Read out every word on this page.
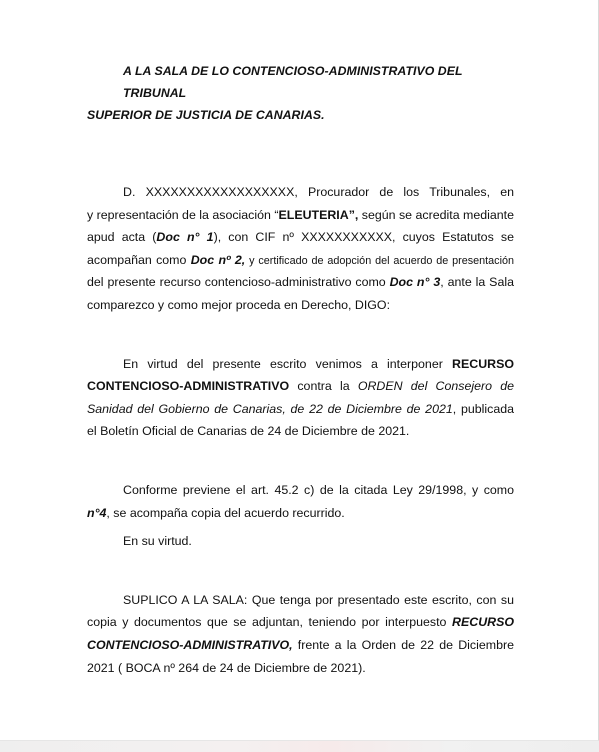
A LA SALA DE LO CONTENCIOSO-ADMINISTRATIVO DEL TRIBUNAL
SUPERIOR DE JUSTICIA DE CANARIAS.
D. XXXXXXXXXXXXXXXXXX, Procurador de los Tribunales, en
y representación de la asociación “ELEUTERIA”, según se acredita mediante
apud acta (Doc n° 1), con CIF nº XXXXXXXXXXX, cuyos Estatutos se
acompañan como Doc nº 2, y certificado de adopción del acuerdo de presentación
del presente recurso contencioso-administrativo como Doc n° 3, ante la Sala
comparezco y como mejor proceda en Derecho, DIGO:
En virtud del presente escrito venimos a interponer RECURSO
CONTENCIOSO-ADMINISTRATIVO contra la ORDEN del Consejero de
Sanidad del Gobierno de Canarias, de 22 de Diciembre de 2021, publicada
el Boletín Oficial de Canarias de 24 de Diciembre de 2021.
Conforme previene el art. 45.2 c) de la citada Ley 29/1998, y como
n°4, se acompaña copia del acuerdo recurrido.
En su virtud.
SUPLICO A LA SALA: Que tenga por presentado este escrito, con su
copia y documentos que se adjuntan, teniendo por interpuesto RECURSO
CONTENCIOSO-ADMINISTRATIVO, frente a la Orden de 22 de Diciembre
2021 ( BOCA nº 264 de 24 de Diciembre de 2021).
